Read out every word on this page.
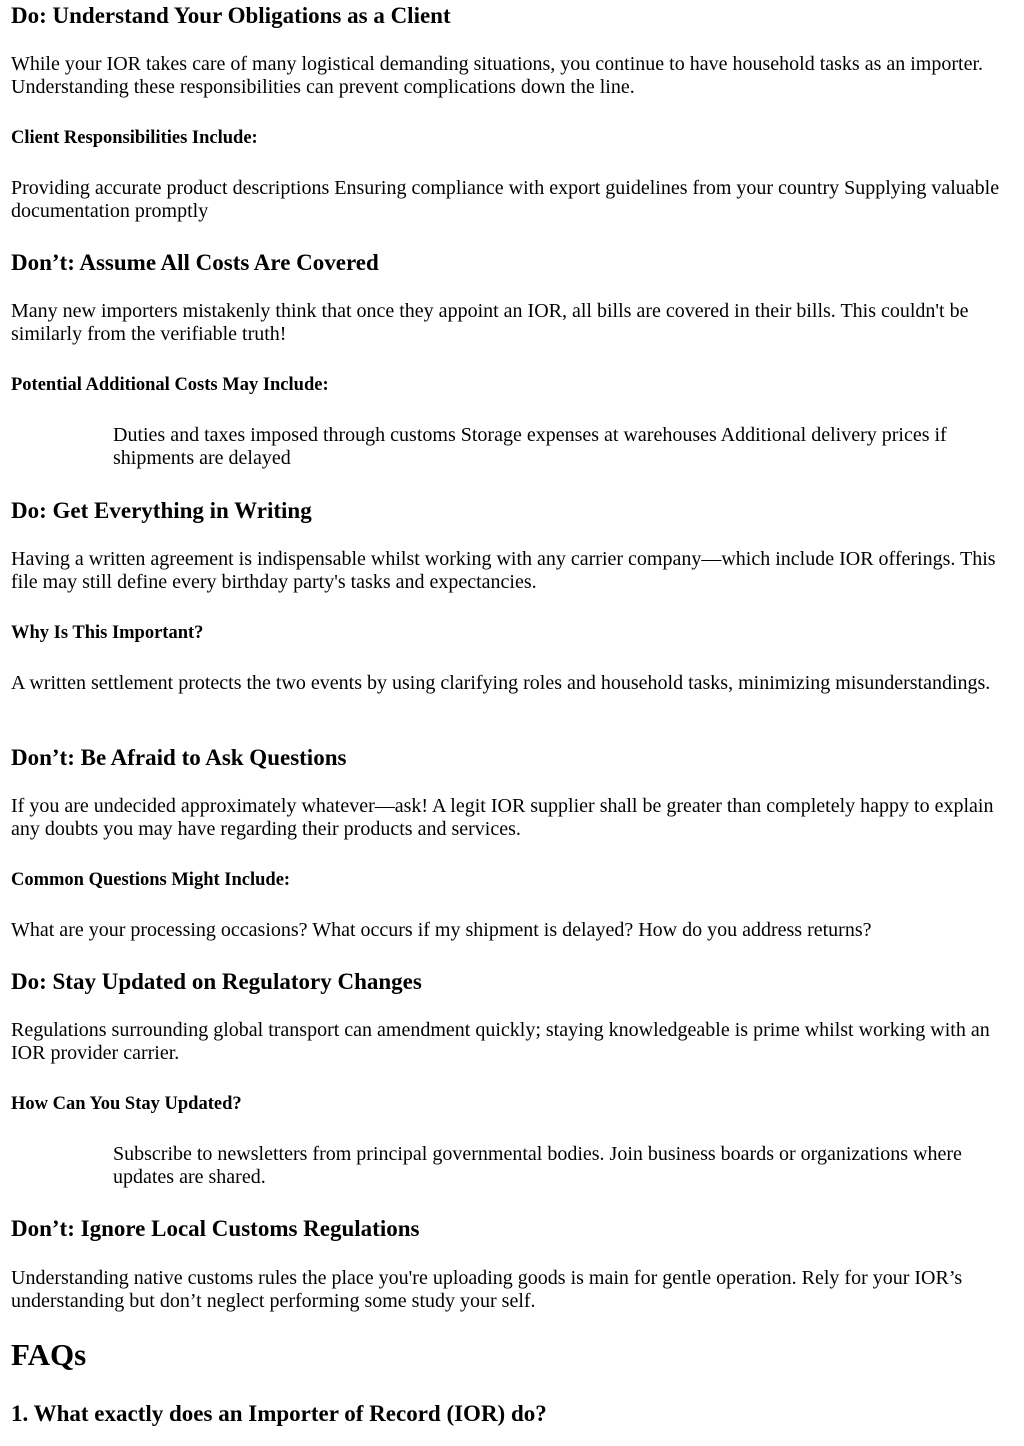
Do: Understand Your Obligations as a Client

While your IOR takes care of many logistical demanding situations, you continue to have household tasks as an importer. Understanding these responsibilities can prevent complications down the line.

Client Responsibilities Include:

Providing accurate product descriptions Ensuring compliance with export guidelines from your country Supplying valuable documentation promptly

Don’t: Assume All Costs Are Covered

Many new importers mistakenly think that once they appoint an IOR, all bills are covered in their bills. This couldn't be similarly from the verifiable truth!

Potential Additional Costs May Include:
Duties and taxes imposed through customs Storage expenses at warehouses Additional delivery prices if shipments are delayed
Do: Get Everything in Writing

Having a written agreement is indispensable whilst working with any carrier company—which include IOR offerings. This file may still define every birthday party's tasks and expectancies.

Why Is This Important?

A written settlement protects the two events by using clarifying roles and household tasks, minimizing misunderstandings.

Don’t: Be Afraid to Ask Questions

If you are undecided approximately whatever—ask! A legit IOR supplier shall be greater than completely happy to explain any doubts you may have regarding their products and services.

Common Questions Might Include:

What are your processing occasions? What occurs if my shipment is delayed? How do you address returns?

Do: Stay Updated on Regulatory Changes

Regulations surrounding global transport can amendment quickly; staying knowledgeable is prime whilst working with an IOR provider carrier.

How Can You Stay Updated?
Subscribe to newsletters from principal governmental bodies. Join business boards or organizations where updates are shared.
Don’t: Ignore Local Customs Regulations

Understanding native customs rules the place you're uploading goods is main for gentle operation. Rely for your IOR’s understanding but don’t neglect performing some study your self.

FAQs
1. What exactly does an Importer of Record (IOR) do?
